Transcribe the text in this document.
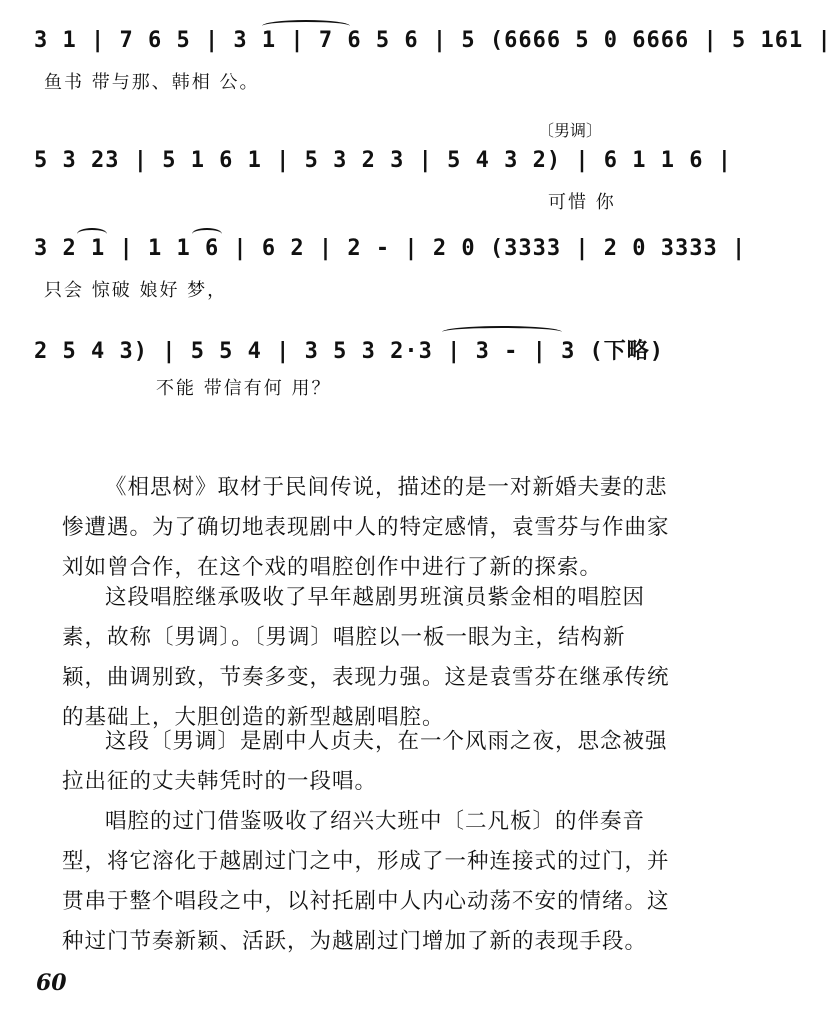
3 1 | 7 6 5 | 3 1 | 7 6 5 6 | 5 (6666 5 0 6666 | 5 161 |
鱼书 带与那、韩相 公。
〔男调〕
5 3 23 | 5 1 6 1 | 5 3 2 3 | 5 4 3 2) | 6 1 1 6 |
可惜 你
3 2 1 | 1 1 6 | 6 2 | 2 - | 2 0 (3333 | 2 0 3333 |
只会 惊破 娘好 梦，
2 5 4 3) | 5 5 4 | 3 5 3 2·3 | 3 - | 3 (下略)
不能 带信有何 用？

《相思树》取材于民间传说，描述的是一对新婚夫妻的悲惨遭遇。为了确切地表现剧中人的特定感情，袁雪芬与作曲家刘如曾合作，在这个戏的唱腔创作中进行了新的探索。

这段唱腔继承吸收了早年越剧男班演员紫金相的唱腔因素，故称〔男调〕。〔男调〕唱腔以一板一眼为主，结构新颖，曲调别致，节奏多变，表现力强。这是袁雪芬在继承传统的基础上，大胆创造的新型越剧唱腔。

这段〔男调〕是剧中人贞夫，在一个风雨之夜，思念被强拉出征的丈夫韩凭时的一段唱。

唱腔的过门借鉴吸收了绍兴大班中〔二凡板〕的伴奏音型，将它溶化于越剧过门之中，形成了一种连接式的过门，并贯串于整个唱段之中，以衬托剧中人内心动荡不安的情绪。这种过门节奏新颖、活跃，为越剧过门增加了新的表现手段。

60
